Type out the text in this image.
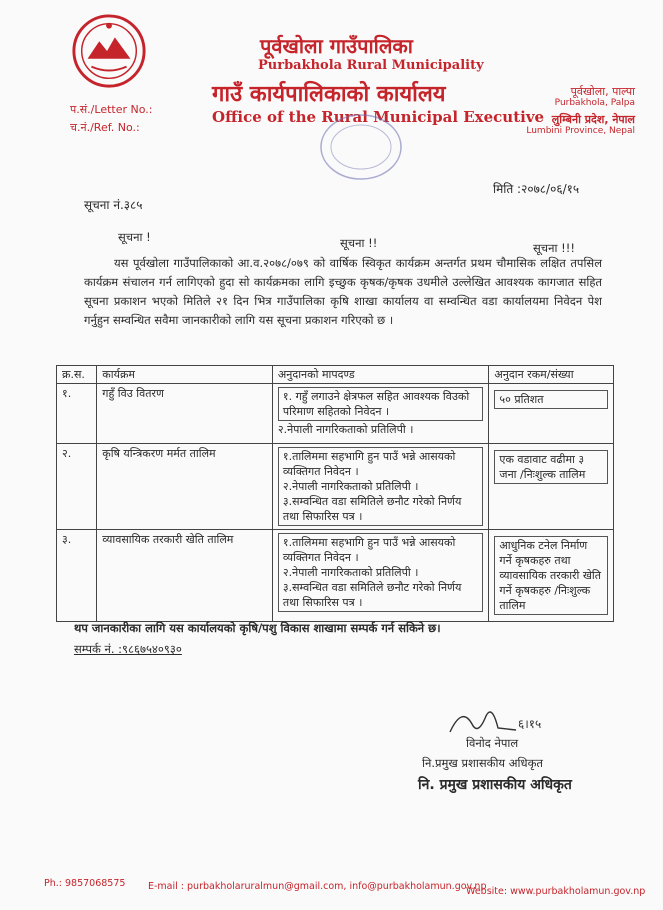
पूर्वखोला गाउँपालिका
Purbakhola Rural Municipality
गाउँ कार्यपालिकाको कार्यालय
Office of the Rural Municipal Executive
प.सं./Letter No.:
च.नं./Ref. No.:
पूर्वखोला, पाल्पा
Purbakhola, Palpa
लुम्बिनी प्रदेश, नेपाल
Lumbini Province, Nepal
सूचना नं.३८५
मिति :२०७८/०६/१५
सूचना !	सूचना !!	सूचना !!!
यस पूर्वखोला गाउँपालिकाको आ.व.२०७८/०७९ को वार्षिक स्विकृत कार्यक्रम अन्तर्गत प्रथम चौमासिक लक्षित तपसिल कार्यक्रम संचालन गर्न लागिएको हुदा सो कार्यक्रमका लागि इच्छुक कृषक/कृषक उधमीले उल्लेखित आवश्यक कागजात सहित सूचना प्रकाशन भएको मितिले २१ दिन भित्र गाउँपालिका कृषि शाखा कार्यालय वा सम्वन्धित वडा कार्यालयमा निवेदन पेश गर्नुहुन सम्वन्धित सवैमा जानकारीको लागि यस सूचना प्रकाशन गरिएको छ ।
क्र.स.	कार्यक्रम	अनुदानको मापदण्ड	अनुदान रकम/संख्या
१.	गहुँ विउ वितरण	१. गहुँ लगाउने क्षेत्रफल सहित आवश्यक विउको परिमाण सहितको निवेदन ।
२.नेपाली नागरिकताको प्रतिलिपी ।	५० प्रतिशत

२.	कृषि यन्त्रिकरण मर्मत तालिम	१.तालिममा सहभागि हुन पाउँ भन्ने आसयको व्यक्तिगत निवेदन ।
२.नेपाली नागरिकताको प्रतिलिपी ।
३.सम्वन्धित वडा समितिले छनौट गरेको निर्णय तथा सिफारिस पत्र ।	एक वडावाट वढीमा ३ जना /निःशुल्क तालिम

३.	व्यावसायिक तरकारी खेति तालिम	१.तालिममा सहभागि हुन पाउँ भन्ने आसयको व्यक्तिगत निवेदन ।
२.नेपाली नागरिकताको प्रतिलिपी ।
३.सम्वन्धित वडा समितिले छनौट गरेको निर्णय तथा सिफारिस पत्र ।	आधुनिक टनेल निर्माण गर्ने कृषकहरु तथा व्यावसायिक तरकारी खेति गर्ने कृषकहरु /निःशुल्क तालिम
थप जानकारीका लागि यस कार्यालयको कृषि/पशु विकास शाखामा सम्पर्क गर्न सकिने छ।
सम्पर्क नं. :९८६७५४०९३०
६।१५
विनोद नेपाल
नि.प्रमुख प्रशासकीय अधिकृत
नि. प्रमुख प्रशासकीय अधिकृत
Ph.: 9857068575 E-mail : purbakholaruralmun@gmail.com, info@purbakholamun.gov.np
Website: www.purbakholamun.gov.np
